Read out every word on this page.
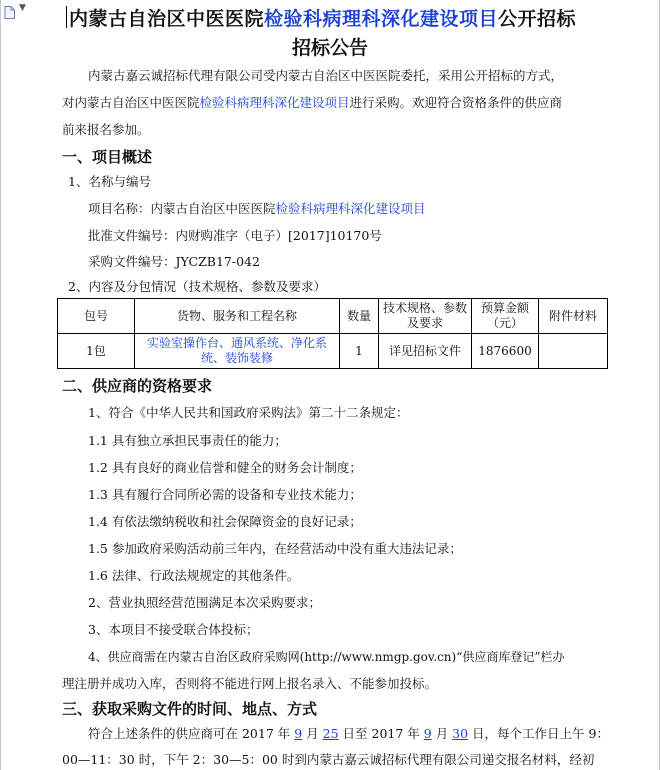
▼ 内蒙古自治区中医医院检验科病理科深化建设项目公开招标
招标公告
内蒙古嘉云诚招标代理有限公司受内蒙古自治区中医医院委托，采用公开招标的方式，
对内蒙古自治区中医医院检验科病理科深化建设项目进行采购。欢迎符合资格条件的供应商
前来报名参加。
一、项目概述
1、名称与编号
项目名称：内蒙古自治区中医医院检验科病理科深化建设项目
批准文件编号：内财购准字（电子）[2017]10170号
采购文件编号：JYCZB17-042
2、内容及分包情况（技术规格、参数及要求）
包号	货物、服务和工程名称	数量	技术规格、参数及要求	预算金额（元）	附件材料
1包	实验室操作台、通风系统、净化系
统、装饰装修	1	详见招标文件	1876600	
二、供应商的资格要求
1、符合《中华人民共和国政府采购法》第二十二条规定：
1.1 具有独立承担民事责任的能力；
1.2 具有良好的商业信誉和健全的财务会计制度；
1.3 具有履行合同所必需的设备和专业技术能力；
1.4 有依法缴纳税收和社会保障资金的良好记录；
1.5 参加政府采购活动前三年内，在经营活动中没有重大违法记录；
1.6 法律、行政法规规定的其他条件。
2、营业执照经营范围满足本次采购要求；
3、本项目不接受联合体投标；
4、供应商需在内蒙古自治区政府采购网(http://www.nmgp.gov.cn)“供应商库登记”栏办
理注册并成功入库，否则将不能进行网上报名录入、不能参加投标。
三、获取采购文件的时间、地点、方式
符合上述条件的供应商可在 2017 年 9 月 25 日至 2017 年 9 月 30 日，每个工作日上午 9：
00—11：30 时，下午 2：30—5：00 时到内蒙古嘉云诚招标代理有限公司递交报名材料，经初
